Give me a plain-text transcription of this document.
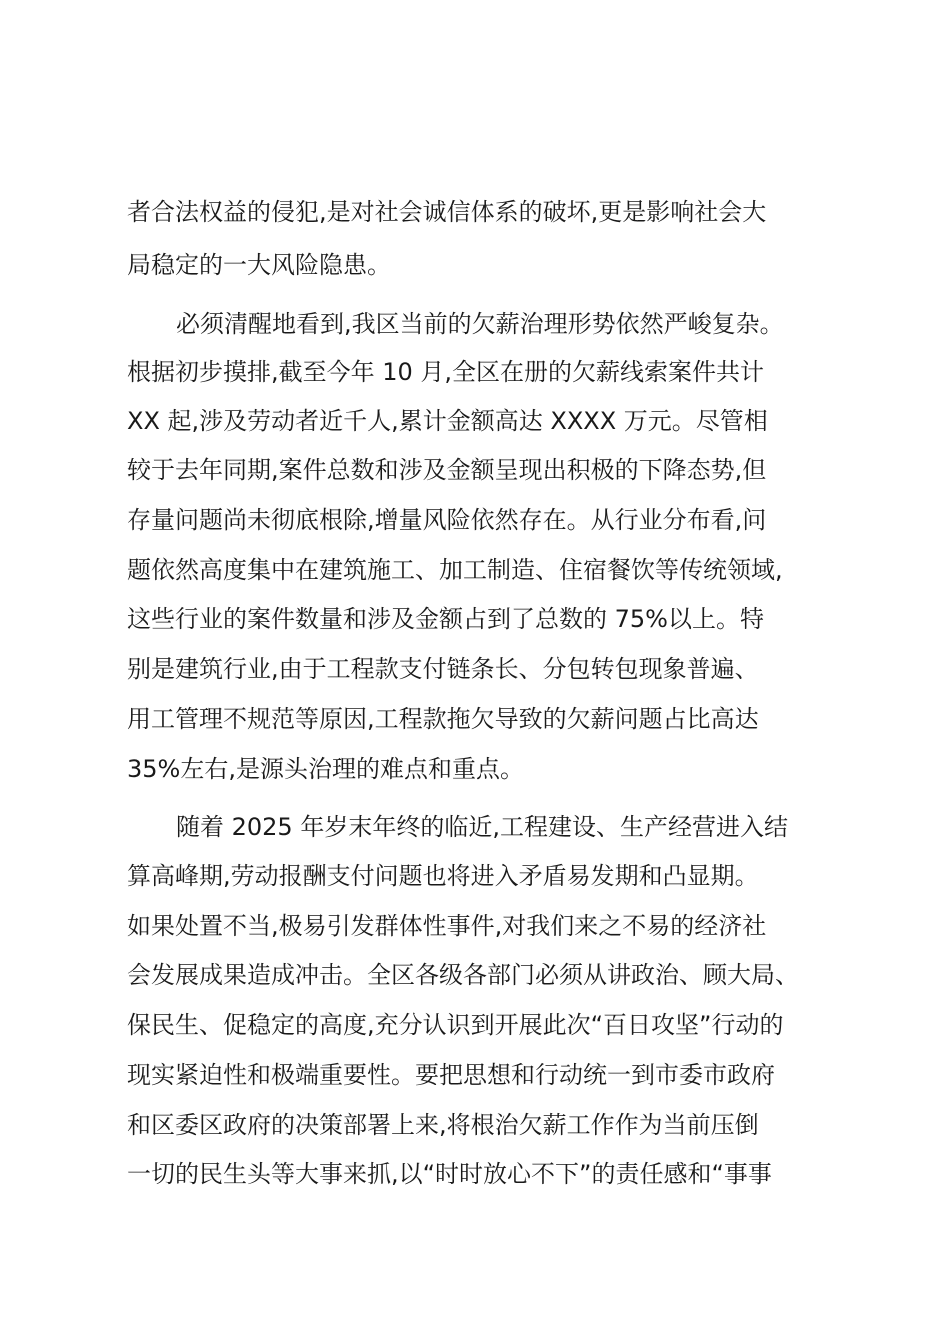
者合法权益的侵犯,是对社会诚信体系的破坏,更是影响社会大

局稳定的一大风险隐患。

必须清醒地看到,我区当前的欠薪治理形势依然严峻复杂。

根据初步摸排,截至今年 10 月,全区在册的欠薪线索案件共计

XX 起,涉及劳动者近千人,累计金额高达 XXXX 万元。尽管相

较于去年同期,案件总数和涉及金额呈现出积极的下降态势,但

存量问题尚未彻底根除,增量风险依然存在。从行业分布看,问

题依然高度集中在建筑施工、加工制造、住宿餐饮等传统领域,

这些行业的案件数量和涉及金额占到了总数的 75%以上。特

别是建筑行业,由于工程款支付链条长、分包转包现象普遍、

用工管理不规范等原因,工程款拖欠导致的欠薪问题占比高达

35%左右,是源头治理的难点和重点。

随着 2025 年岁末年终的临近,工程建设、生产经营进入结

算高峰期,劳动报酬支付问题也将进入矛盾易发期和凸显期。

如果处置不当,极易引发群体性事件,对我们来之不易的经济社

会发展成果造成冲击。全区各级各部门必须从讲政治、顾大局、

保民生、促稳定的高度,充分认识到开展此次“百日攻坚”行动的

现实紧迫性和极端重要性。要把思想和行动统一到市委市政府

和区委区政府的决策部署上来,将根治欠薪工作作为当前压倒

一切的民生头等大事来抓,以“时时放心不下”的责任感和“事事
